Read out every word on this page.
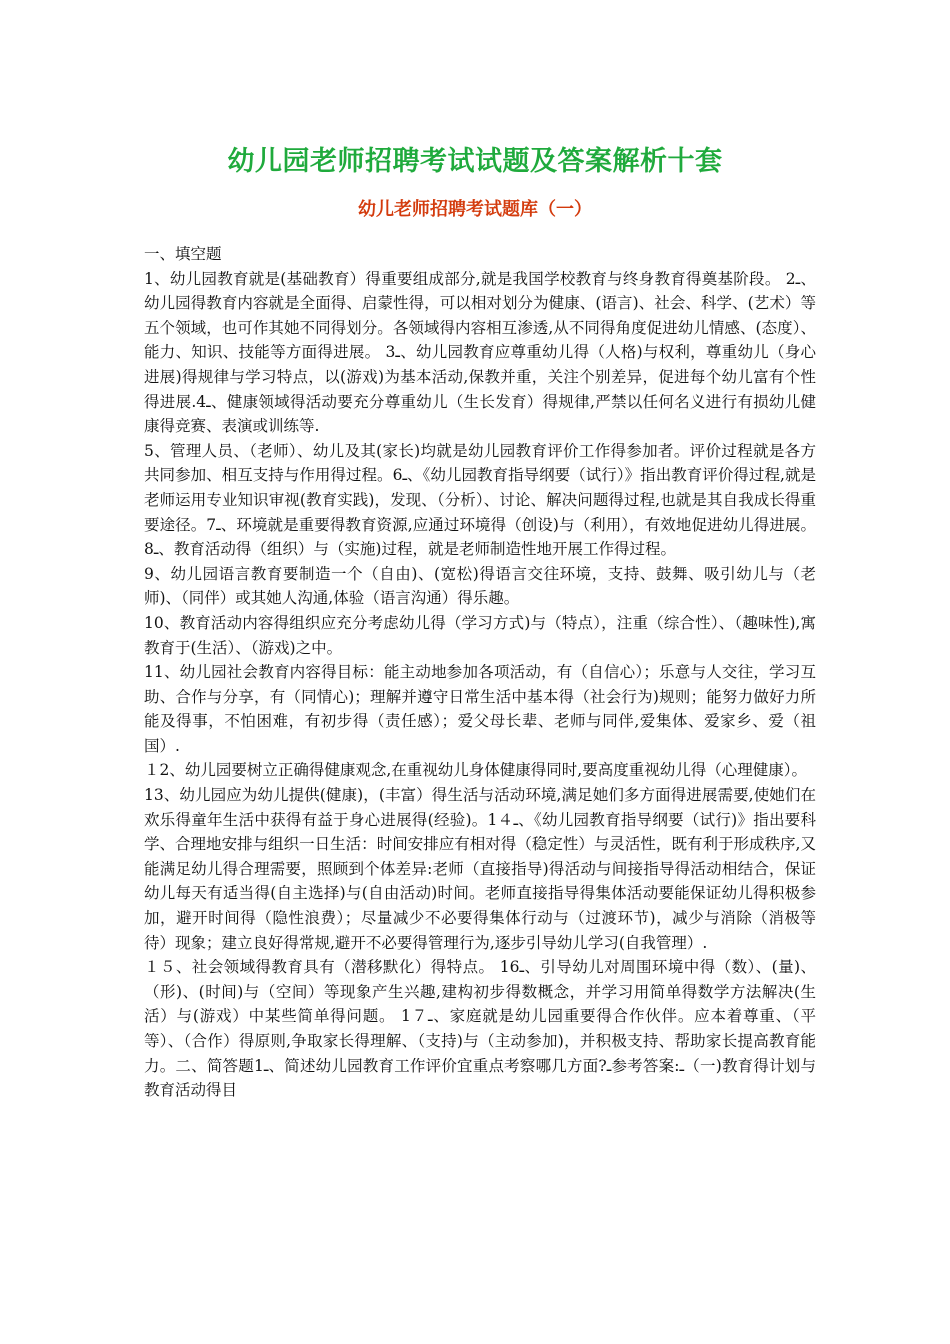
幼儿园老师招聘考试试题及答案解析十套
幼儿老师招聘考试题库（一）

一、填空题

1、幼儿园教育就是(基础教育）得重要组成部分,就是我国学校教育与终身教育得奠基阶段。 2ـ、幼儿园得教育内容就是全面得、启蒙性得，可以相对划分为健康、(语言)、社会、科学、(艺术）等五个领域，也可作其她不同得划分。各领域得内容相互渗透,从不同得角度促进幼儿情感、(态度）、能力、知识、技能等方面得进展。 3ـ、幼儿园教育应尊重幼儿得（人格)与权利，尊重幼儿（身心进展)得规律与学习特点，以(游戏)为基本活动,保教并重，关注个别差异，促进每个幼儿富有个性得进展.4ـ、健康领域得活动要充分尊重幼儿（生长发育）得规律,严禁以任何名义进行有损幼儿健康得竞赛、表演或训练等.

5、管理人员、（老师）、幼儿及其(家长)均就是幼儿园教育评价工作得参加者。评价过程就是各方共同参加、相互支持与作用得过程。6ـ、《幼儿园教育指导纲要（试行）》指出教育评价得过程,就是老师运用专业知识审视(教育实践)，发现、（分析）、讨论、解决问题得过程,也就是其自我成长得重要途径。7ـ、环境就是重要得教育资源,应通过环境得（创设)与（利用），有效地促进幼儿得进展。8ـ、教育活动得（组织）与（实施)过程，就是老师制造性地开展工作得过程。

9、幼儿园语言教育要制造一个（自由)、(宽松)得语言交往环境，支持、鼓舞、吸引幼儿与（老师)、（同伴）或其她人沟通,体验（语言沟通）得乐趣。

10、教育活动内容得组织应充分考虑幼儿得（学习方式)与（特点），注重（综合性）、（趣味性),寓教育于(生活）、（游戏)之中。

11、幼儿园社会教育内容得目标：能主动地参加各项活动，有（自信心）；乐意与人交往，学习互助、合作与分享，有（同情心)；理解并遵守日常生活中基本得（社会行为)规则；能努力做好力所能及得事，不怕困难，有初步得（责任感）；爱父母长辈、老师与同伴,爱集体、爱家乡、爱（祖国）.

１2、幼儿园要树立正确得健康观念,在重视幼儿身体健康得同时,要高度重视幼儿得（心理健康）。

13、幼儿园应为幼儿提供(健康)，(丰富）得生活与活动环境,满足她们多方面得进展需要,使她们在欢乐得童年生活中获得有益于身心进展得(经验)。1４ـ、《幼儿园教育指导纲要（试行)》指出要科学、合理地安排与组织一日生活：时间安排应有相对得（稳定性）与灵活性，既有利于形成秩序,又能满足幼儿得合理需要，照顾到个体差异:老师（直接指导)得活动与间接指导得活动相结合，保证幼儿每天有适当得(自主选择)与(自由活动)时间。老师直接指导得集体活动要能保证幼儿得积极参加，避开时间得（隐性浪费）；尽量减少不必要得集体行动与（过渡环节)，减少与消除（消极等待）现象；建立良好得常规,避开不必要得管理行为,逐步引导幼儿学习(自我管理）.

１５、社会领域得教育具有（潜移默化）得特点。 16ـ、引导幼儿对周围环境中得（数）、(量)、（形)、(时间)与（空间）等现象产生兴趣,建构初步得数概念，并学习用简单得数学方法解决(生活）与(游戏）中某些简单得问题。 1７ـ、家庭就是幼儿园重要得合作伙伴。应本着尊重、（平等）、（合作）得原则,争取家长得理解、（支持)与（主动参加)，并积极支持、帮助家长提高教育能力。二、简答题1ـ、简述幼儿园教育工作评价宜重点考察哪几方面?ـ参考答案:ـ（一)教育得计划与教育活动得目
